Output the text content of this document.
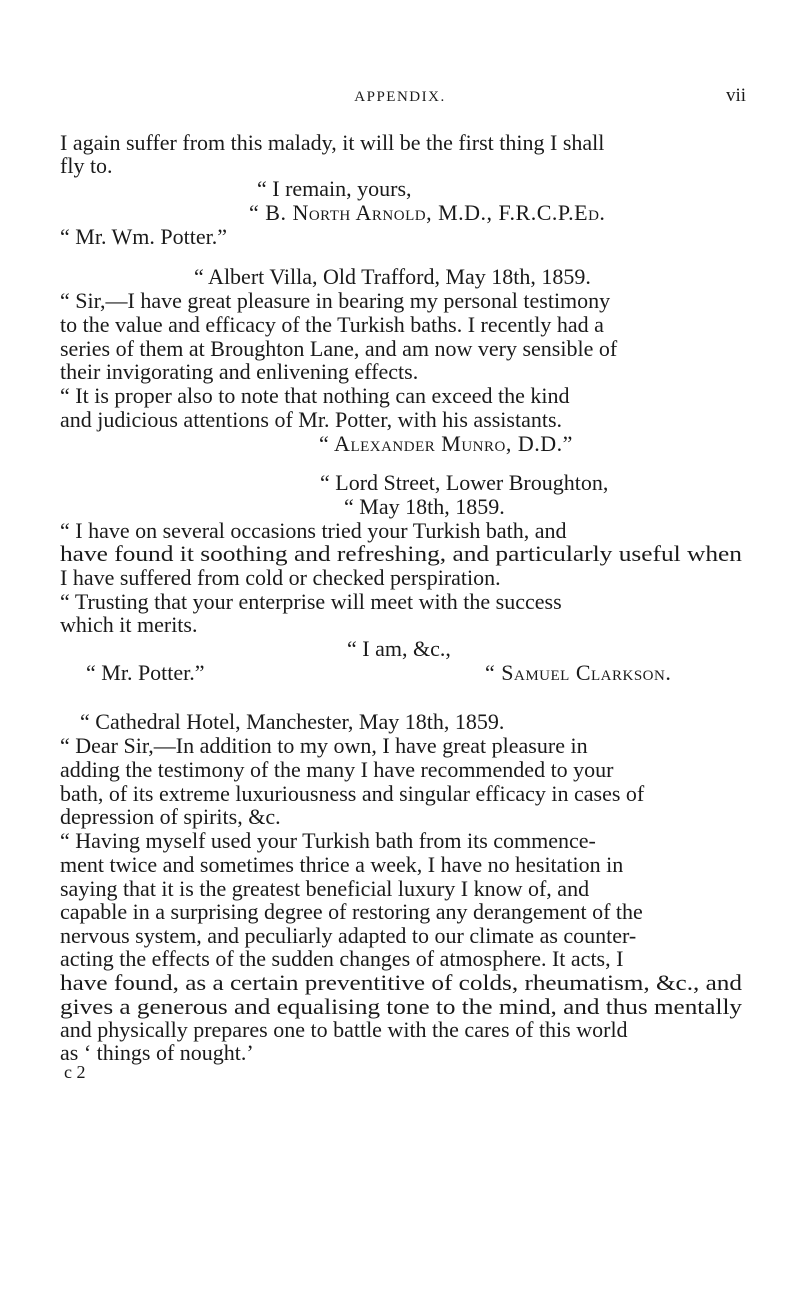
APPENDIX.	vii
I again suffer from this malady, it will be the first thing I shall
fly to.
“ I remain, yours,
“ B. North Arnold, M.D., F.R.C.P.Ed.
“ Mr. Wm. Potter.”
“ Albert Villa, Old Trafford, May 18th, 1859.
“ Sir,—I have great pleasure in bearing my personal testimony
to the value and efficacy of the Turkish baths. I recently had a
series of them at Broughton Lane, and am now very sensible of
their invigorating and enlivening effects.
“ It is proper also to note that nothing can exceed the kind
and judicious attentions of Mr. Potter, with his assistants.
“ Alexander Munro, D.D.”
“ Lord Street, Lower Broughton,
“ May 18th, 1859.
“ I have on several occasions tried your Turkish bath, and
have found it soothing and refreshing, and particularly useful when
I have suffered from cold or checked perspiration.
“ Trusting that your enterprise will meet with the success
which it merits.
“ I am, &c.,
“ Mr. Potter.”	“ Samuel Clarkson.
“ Cathedral Hotel, Manchester, May 18th, 1859.
“ Dear Sir,—In addition to my own, I have great pleasure in
adding the testimony of the many I have recommended to your
bath, of its extreme luxuriousness and singular efficacy in cases of
depression of spirits, &c.
“ Having myself used your Turkish bath from its commence-
ment twice and sometimes thrice a week, I have no hesitation in
saying that it is the greatest beneficial luxury I know of, and
capable in a surprising degree of restoring any derangement of the
nervous system, and peculiarly adapted to our climate as counter-
acting the effects of the sudden changes of atmosphere. It acts, I
have found, as a certain preventitive of colds, rheumatism, &c., and
gives a generous and equalising tone to the mind, and thus mentally
and physically prepares one to battle with the cares of this world
as ‘ things of nought.’
c 2
